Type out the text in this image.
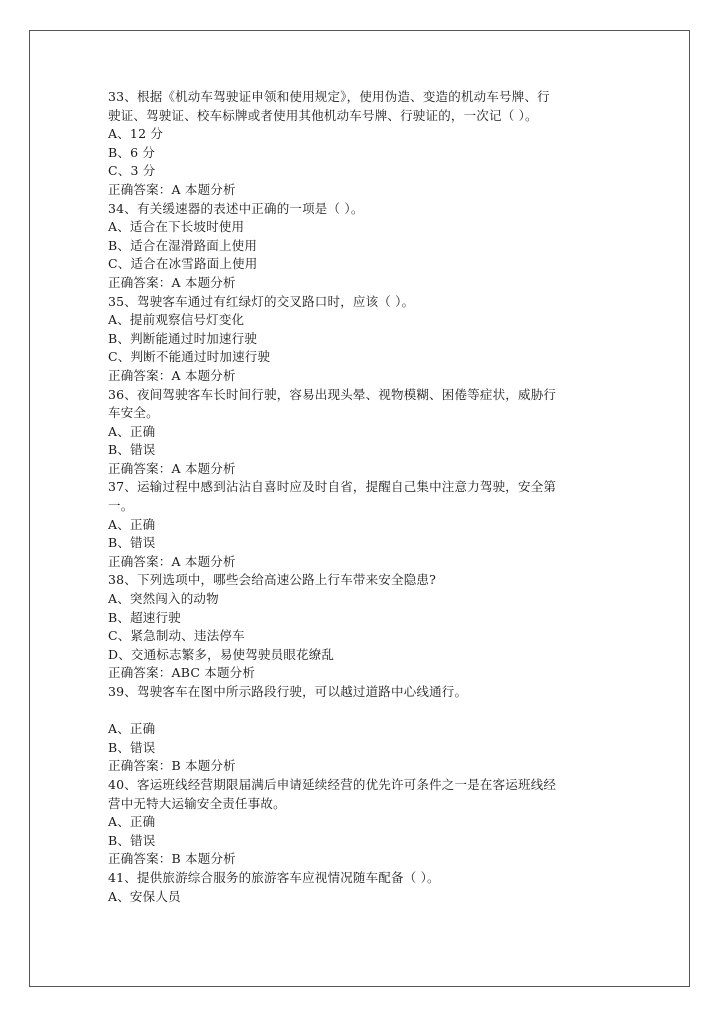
33、根据《机动车驾驶证申领和使用规定》，使用伪造、变造的机动车号牌、行
驶证、驾驶证、校车标牌或者使用其他机动车号牌、行驶证的，一次记（ ）。
A、12 分
B、6 分
C、3 分
正确答案：A 本题分析
34、有关缓速器的表述中正确的一项是（ ）。
A、适合在下长坡时使用
B、适合在湿滑路面上使用
C、适合在冰雪路面上使用
正确答案：A 本题分析
35、驾驶客车通过有红绿灯的交叉路口时，应该（ ）。
A、提前观察信号灯变化
B、判断能通过时加速行驶
C、判断不能通过时加速行驶
正确答案：A 本题分析
36、夜间驾驶客车长时间行驶，容易出现头晕、视物模糊、困倦等症状，威胁行
车安全。
A、正确
B、错误
正确答案：A 本题分析
37、运输过程中感到沾沾自喜时应及时自省，提醒自己集中注意力驾驶，安全第
一。
A、正确
B、错误
正确答案：A 本题分析
38、下列选项中，哪些会给高速公路上行车带来安全隐患?
A、突然闯入的动物
B、超速行驶
C、紧急制动、违法停车
D、交通标志繁多，易使驾驶员眼花缭乱
正确答案：ABC 本题分析
39、驾驶客车在图中所示路段行驶，可以越过道路中心线通行。
A、正确
B、错误
正确答案：B 本题分析
40、客运班线经营期限届满后申请延续经营的优先许可条件之一是在客运班线经
营中无特大运输安全责任事故。
A、正确
B、错误
正确答案：B 本题分析
41、提供旅游综合服务的旅游客车应视情况随车配备（ ）。
A、安保人员
